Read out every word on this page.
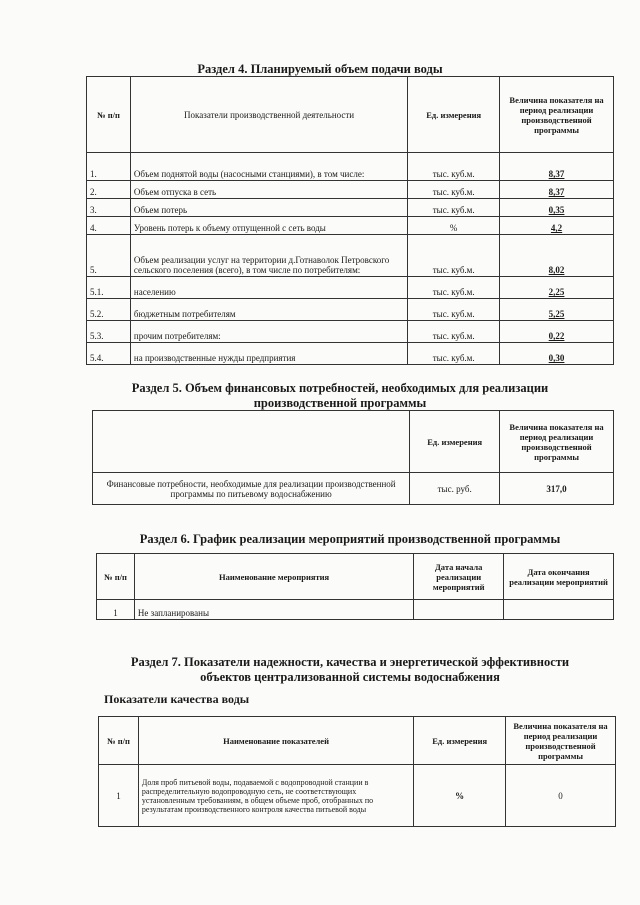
Раздел 4. Планируемый объем подачи воды
№ п/п	Показатели производственной деятельности	Ед. измерения	Величина показателя на период реализации производственной программы
1.	Объем поднятой воды (насосными станциями), в том числе:	тыс. куб.м.	8,37
2.	Объем отпуска в сеть	тыс. куб.м.	8,37
3.	Объем потерь	тыс. куб.м.	0,35
4.	Уровень потерь к объему отпущенной с сеть воды	%	4,2
5.	Объем реализации услуг на территории д.Готнаволок Петровского сельского поселения (всего), в том числе по потребителям:	тыс. куб.м.	8,02
5.1.	населению	тыс. куб.м.	2,25
5.2.	бюджетным потребителям	тыс. куб.м.	5,25
5.3.	прочим потребителям:	тыс. куб.м.	0,22
5.4.	на производственные нужды предприятия	тыс. куб.м.	0,30
Раздел 5. Объем финансовых потребностей, необходимых для реализации производственной программы
	Ед. измерения	Величина показателя на период реализации производственной программы
Финансовые потребности, необходимые для реализации производственной программы по питьевому водоснабжению	тыс. руб.	317,0
Раздел 6. График реализации мероприятий производственной программы
№ п/п	Наименование мероприятия	Дата начала реализации мероприятий	Дата окончания реализации мероприятий
1	Не запланированы		
Раздел 7. Показатели надежности, качества и энергетической эффективности объектов централизованной системы водоснабжения
Показатели качества воды
№ п/п	Наименование показателей	Ед. измерения	Величина показателя на период реализации производственной программы
1	Доля проб питьевой воды, подаваемой с водопроводной станции в распределительную водопроводную сеть, не соответствующих установленным требованиям, в общем объеме проб, отобранных по результатам производственного контроля качества питьевой воды	%	0
